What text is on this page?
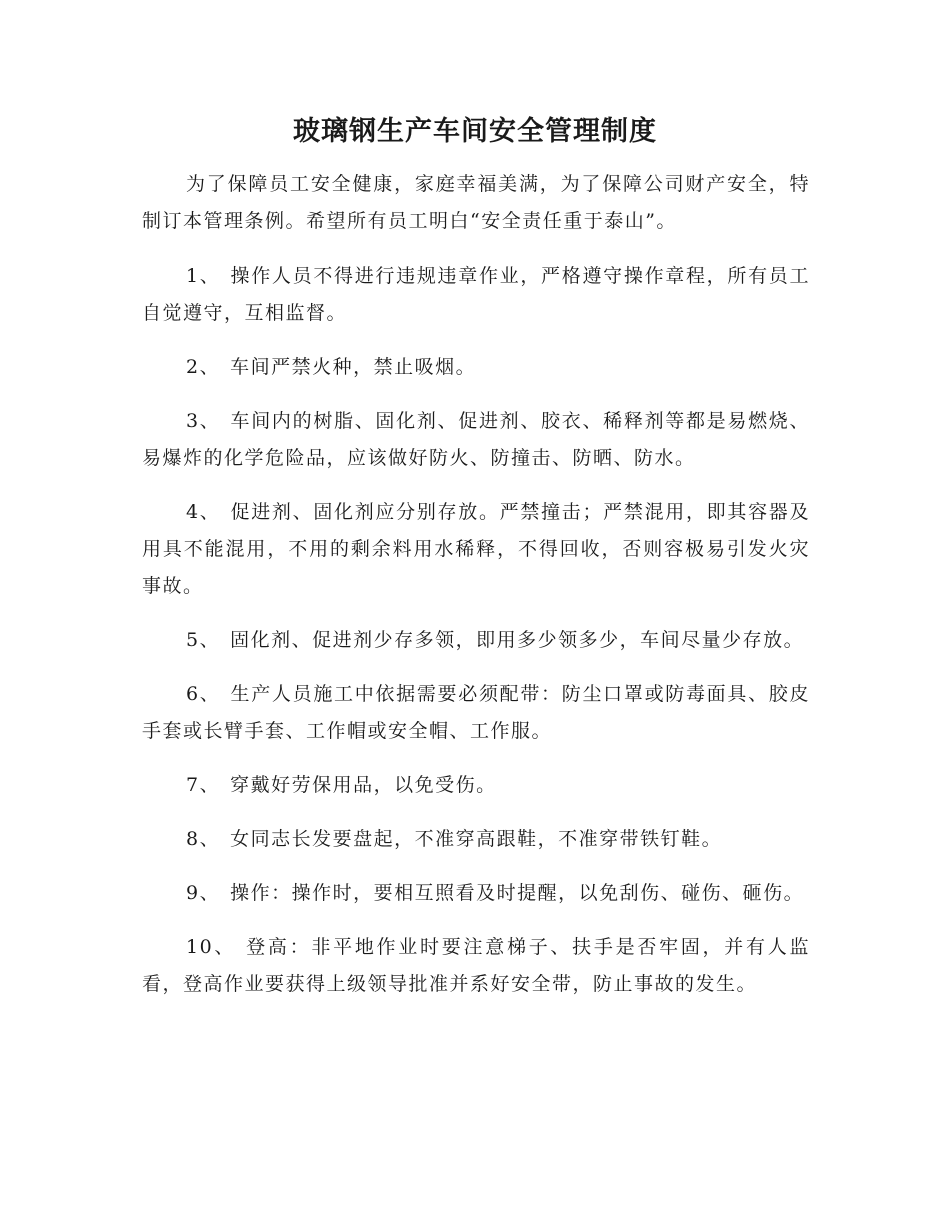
玻璃钢生产车间安全管理制度

为了保障员工安全健康，家庭幸福美满，为了保障公司财产安全，特制订本管理条例。希望所有员工明白“安全责任重于泰山”。

1、 操作人员不得进行违规违章作业，严格遵守操作章程，所有员工自觉遵守，互相监督。

2、 车间严禁火种，禁止吸烟。

3、 车间内的树脂、固化剂、促进剂、胶衣、稀释剂等都是易燃烧、易爆炸的化学危险品，应该做好防火、防撞击、防晒、防水。

4、 促进剂、固化剂应分别存放。严禁撞击；严禁混用，即其容器及用具不能混用，不用的剩余料用水稀释，不得回收，否则容极易引发火灾事故。

5、 固化剂、促进剂少存多领，即用多少领多少，车间尽量少存放。

6、 生产人员施工中依据需要必须配带：防尘口罩或防毒面具、胶皮手套或长臂手套、工作帽或安全帽、工作服。

7、 穿戴好劳保用品，以免受伤。

8、 女同志长发要盘起，不准穿高跟鞋，不准穿带铁钉鞋。

9、 操作：操作时，要相互照看及时提醒，以免刮伤、碰伤、砸伤。

10、 登高：非平地作业时要注意梯子、扶手是否牢固，并有人监看，登高作业要获得上级领导批准并系好安全带，防止事故的发生。
